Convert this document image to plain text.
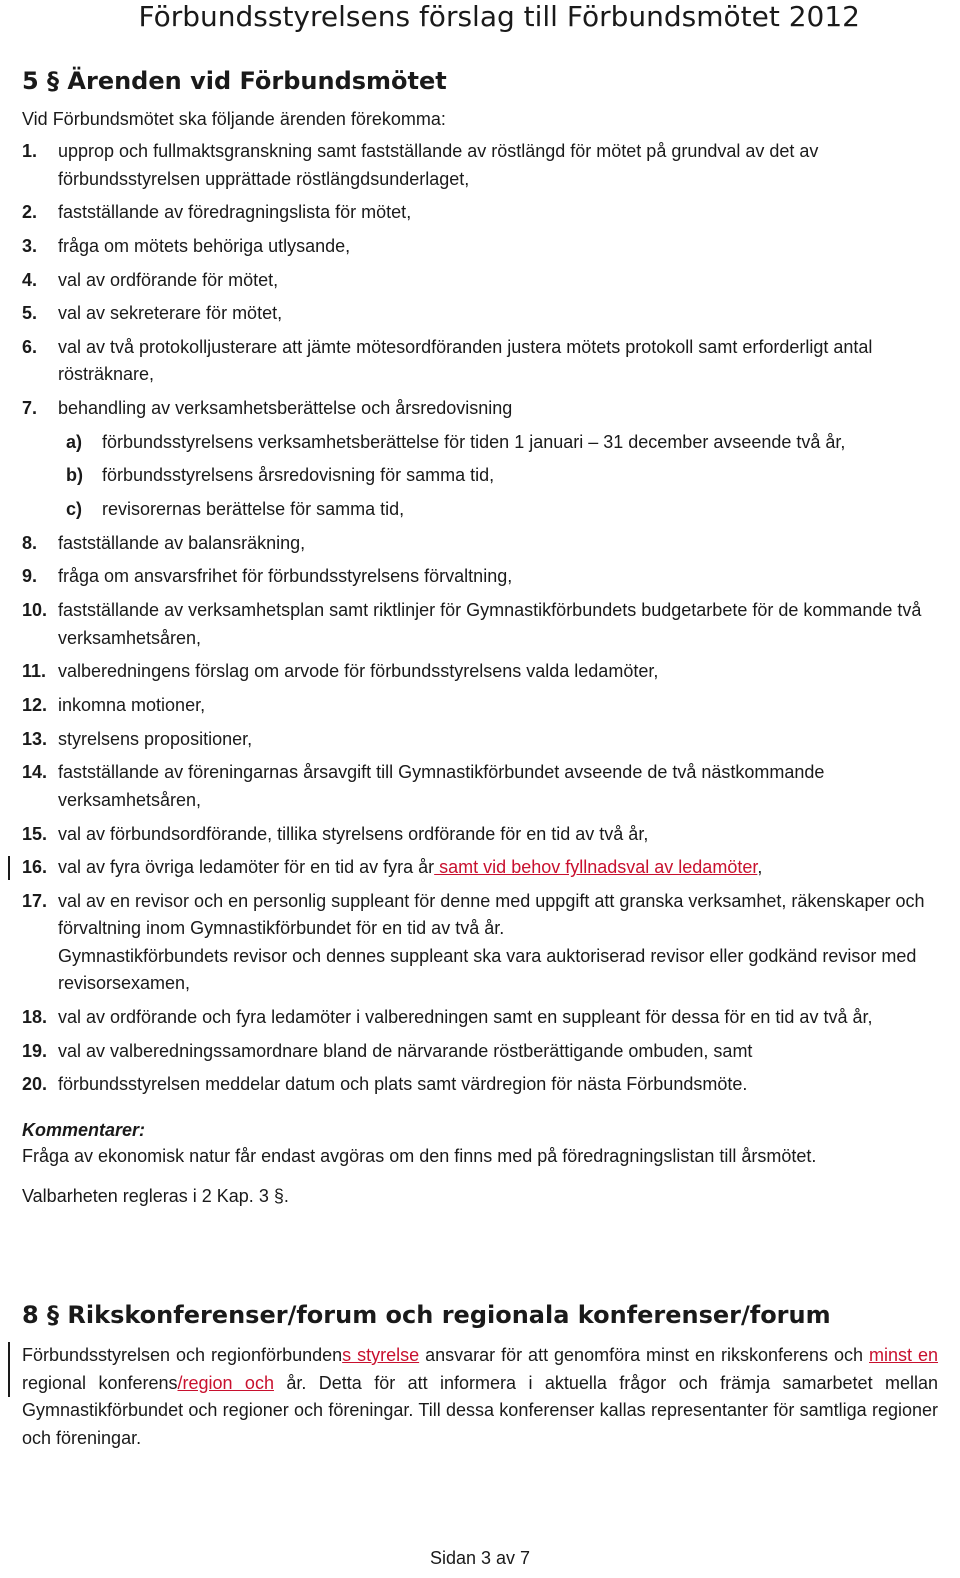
Förbundsstyrelsens förslag till Förbundsmötet 2012
5 § Ärenden vid Förbundsmötet

Vid Förbundsmötet ska följande ärenden förekomma:

1. upprop och fullmaktsgranskning samt fastställande av röstlängd för mötet på grundval av det av förbundsstyrelsen upprättade röstlängdsunderlaget,
2. fastställande av föredragningslista för mötet,
3. fråga om mötets behöriga utlysande,
4. val av ordförande för mötet,
5. val av sekreterare för mötet,
6. val av två protokolljusterare att jämte mötesordföranden justera mötets protokoll samt erforderligt antal rösträknare,
7. behandling av verksamhetsberättelse och årsredovisning
a) förbundsstyrelsens verksamhetsberättelse för tiden 1 januari – 31 december avseende två år,
b) förbundsstyrelsens årsredovisning för samma tid,
c) revisorernas berättelse för samma tid,
8. fastställande av balansräkning,
9. fråga om ansvarsfrihet för förbundsstyrelsens förvaltning,
10. fastställande av verksamhetsplan samt riktlinjer för Gymnastikförbundets budgetarbete för de kommande två verksamhetsåren,
11. valberedningens förslag om arvode för förbundsstyrelsens valda ledamöter,
12. inkomna motioner,
13. styrelsens propositioner,
14. fastställande av föreningarnas årsavgift till Gymnastikförbundet avseende de två nästkommande verksamhetsåren,
15. val av förbundsordförande, tillika styrelsens ordförande för en tid av två år,
16. val av fyra övriga ledamöter för en tid av fyra år samt vid behov fyllnadsval av ledamöter,
17. val av en revisor och en personlig suppleant för denne med uppgift att granska verksamhet, räkenskaper och förvaltning inom Gymnastikförbundet för en tid av två år.
Gymnastikförbundets revisor och dennes suppleant ska vara auktoriserad revisor eller godkänd revisor med revisorsexamen,
18. val av ordförande och fyra ledamöter i valberedningen samt en suppleant för dessa för en tid av två år,
19. val av valberedningssamordnare bland de närvarande röstberättigande ombuden, samt
20. förbundsstyrelsen meddelar datum och plats samt värdregion för nästa Förbundsmöte.
Kommentarer:

Fråga av ekonomisk natur får endast avgöras om den finns med på föredragningslistan till årsmötet.

Valbarheten regleras i 2 Kap. 3 §.

8 § Rikskonferenser/forum och regionala konferenser/forum
Förbundsstyrelsen och regionförbundens styrelse ansvarar för att genomföra minst en rikskonferens och minst en regional konferens/region och år. Detta för att informera i aktuella frågor och främja samarbetet mellan Gymnastikförbundet och regioner och föreningar. Till dessa konferenser kallas representanter för samtliga regioner och föreningar.
Sidan 3 av 7
